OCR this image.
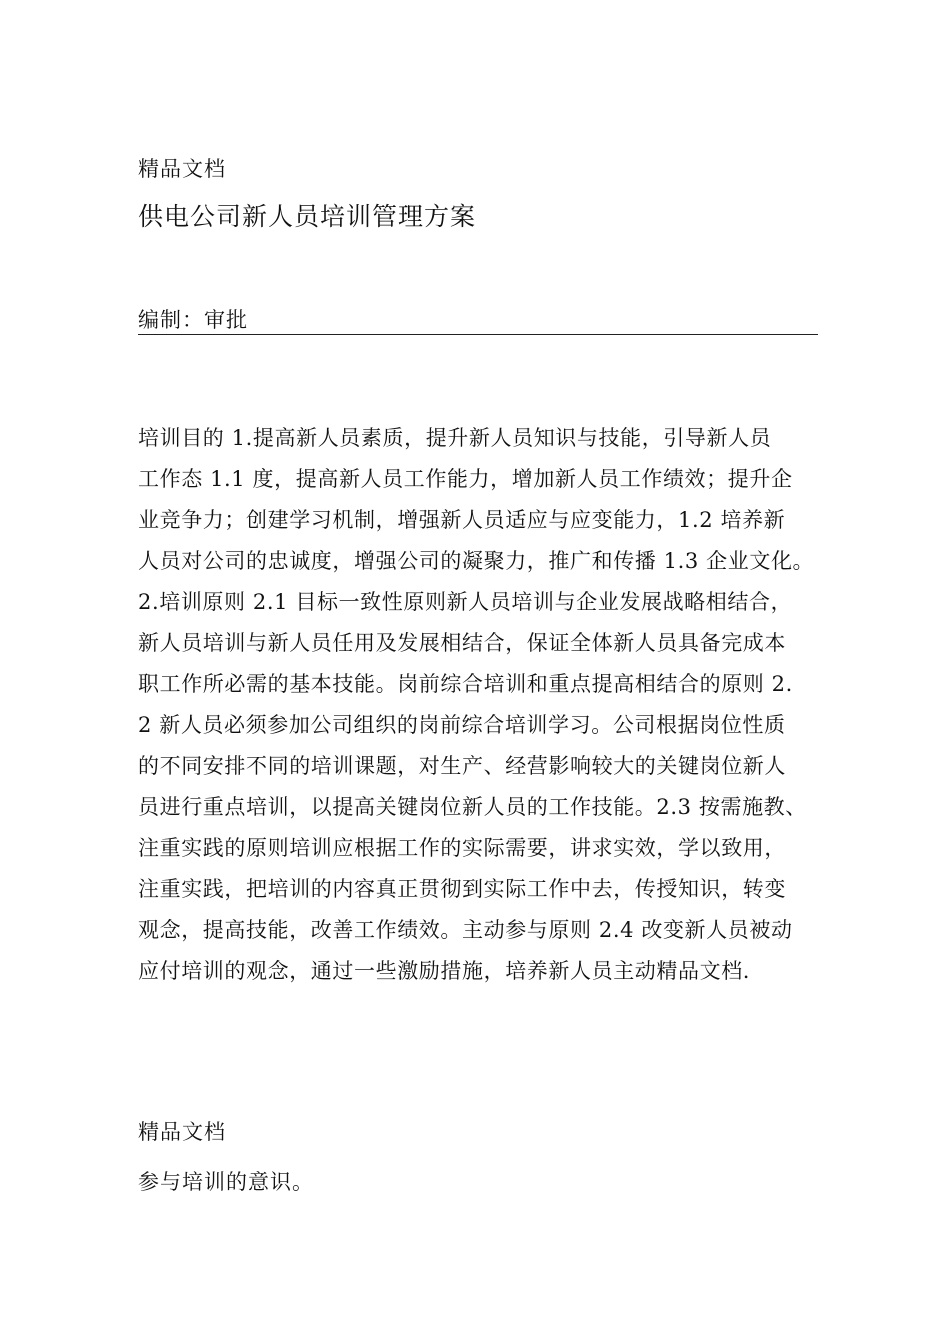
精品文档
供电公司新人员培训管理方案
编制：审批
培训目的 1.提高新人员素质，提升新人员知识与技能，引导新人员
工作态 1.1 度，提高新人员工作能力，增加新人员工作绩效；提升企
业竞争力；创建学习机制，增强新人员适应与应变能力，1.2 培养新
人员对公司的忠诚度，增强公司的凝聚力，推广和传播 1.3 企业文化。
2.培训原则 2.1 目标一致性原则新人员培训与企业发展战略相结合，
新人员培训与新人员任用及发展相结合，保证全体新人员具备完成本
职工作所必需的基本技能。岗前综合培训和重点提高相结合的原则 2.
2 新人员必须参加公司组织的岗前综合培训学习。公司根据岗位性质
的不同安排不同的培训课题，对生产、经营影响较大的关键岗位新人
员进行重点培训，以提高关键岗位新人员的工作技能。2.3 按需施教、
注重实践的原则培训应根据工作的实际需要，讲求实效，学以致用，
注重实践，把培训的内容真正贯彻到实际工作中去，传授知识，转变
观念，提高技能，改善工作绩效。主动参与原则 2.4 改变新人员被动
应付培训的观念，通过一些激励措施，培养新人员主动精品文档.
精品文档
参与培训的意识。
